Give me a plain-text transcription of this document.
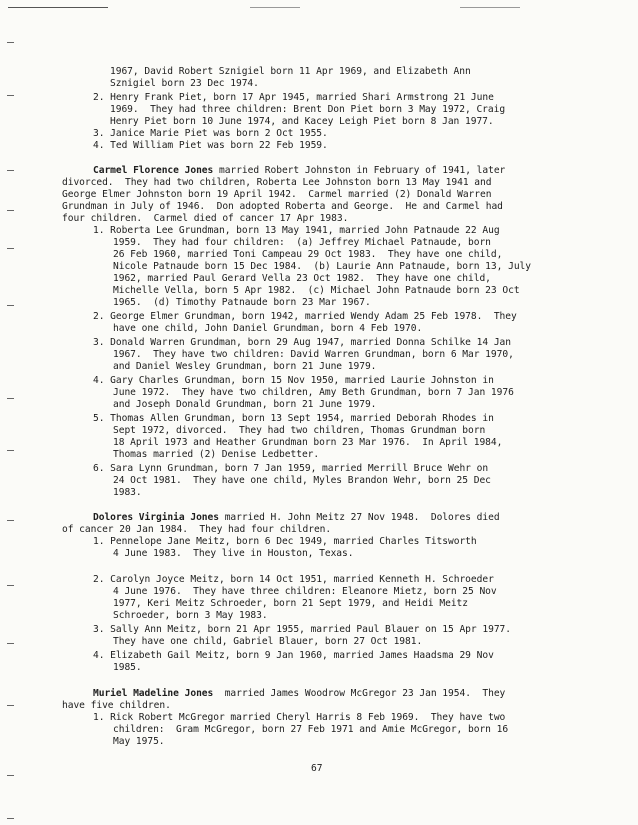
1967, David Robert Sznigiel born 11 Apr 1969, and Elizabeth Ann
Sznigiel born 23 Dec 1974.
2. Henry Frank Piet, born 17 Apr 1945, married Shari Armstrong 21 June
1969.  They had three children: Brent Don Piet born 3 May 1972, Craig
Henry Piet born 10 June 1974, and Kacey Leigh Piet born 8 Jan 1977.
3. Janice Marie Piet was born 2 Oct 1955.
4. Ted William Piet was born 22 Feb 1959.
Carmel Florence Jones married Robert Johnston in February of 1941, later
divorced.  They had two children, Roberta Lee Johnston born 13 May 1941 and
George Elmer Johnston born 19 April 1942.  Carmel married (2) Donald Warren
Grundman in July of 1946.  Don adopted Roberta and George.  He and Carmel had
four children.  Carmel died of cancer 17 Apr 1983.
1. Roberta Lee Grundman, born 13 May 1941, married John Patnaude 22 Aug
1959.  They had four children:  (a) Jeffrey Michael Patnaude, born
26 Feb 1960, married Toni Campeau 29 Oct 1983.  They have one child,
Nicole Patnaude born 15 Dec 1984.  (b) Laurie Ann Patnaude, born 13, July
1962, married Paul Gerard Vella 23 Oct 1982.  They have one child,
Michelle Vella, born 5 Apr 1982.  (c) Michael John Patnaude born 23 Oct
1965.  (d) Timothy Patnaude born 23 Mar 1967.
2. George Elmer Grundman, born 1942, married Wendy Adam 25 Feb 1978.  They
have one child, John Daniel Grundman, born 4 Feb 1970.
3. Donald Warren Grundman, born 29 Aug 1947, married Donna Schilke 14 Jan
1967.  They have two children: David Warren Grundman, born 6 Mar 1970,
and Daniel Wesley Grundman, born 21 June 1979.
4. Gary Charles Grundman, born 15 Nov 1950, married Laurie Johnston in
June 1972.  They have two children, Amy Beth Grundman, born 7 Jan 1976
and Joseph Donald Grundman, born 21 June 1979.
5. Thomas Allen Grundman, born 13 Sept 1954, married Deborah Rhodes in
Sept 1972, divorced.  They had two children, Thomas Grundman born
18 April 1973 and Heather Grundman born 23 Mar 1976.  In April 1984,
Thomas married (2) Denise Ledbetter.
6. Sara Lynn Grundman, born 7 Jan 1959, married Merrill Bruce Wehr on
24 Oct 1981.  They have one child, Myles Brandon Wehr, born 25 Dec
1983.
Dolores Virginia Jones married H. John Meitz 27 Nov 1948.  Dolores died
of cancer 20 Jan 1984.  They had four children.
1. Pennelope Jane Meitz, born 6 Dec 1949, married Charles Titsworth
4 June 1983.  They live in Houston, Texas.
2. Carolyn Joyce Meitz, born 14 Oct 1951, married Kenneth H. Schroeder
4 June 1976.  They have three children: Eleanore Mietz, born 25 Nov
1977, Keri Meitz Schroeder, born 21 Sept 1979, and Heidi Meitz
Schroeder, born 3 May 1983.
3. Sally Ann Meitz, born 21 Apr 1955, married Paul Blauer on 15 Apr 1977.
They have one child, Gabriel Blauer, born 27 Oct 1981.
4. Elizabeth Gail Meitz, born 9 Jan 1960, married James Haadsma 29 Nov
1985.
Muriel Madeline Jones  married James Woodrow McGregor 23 Jan 1954.  They
have five children.
1. Rick Robert McGregor married Cheryl Harris 8 Feb 1969.  They have two
children:  Gram McGregor, born 27 Feb 1971 and Amie McGregor, born 16
May 1975.
67
